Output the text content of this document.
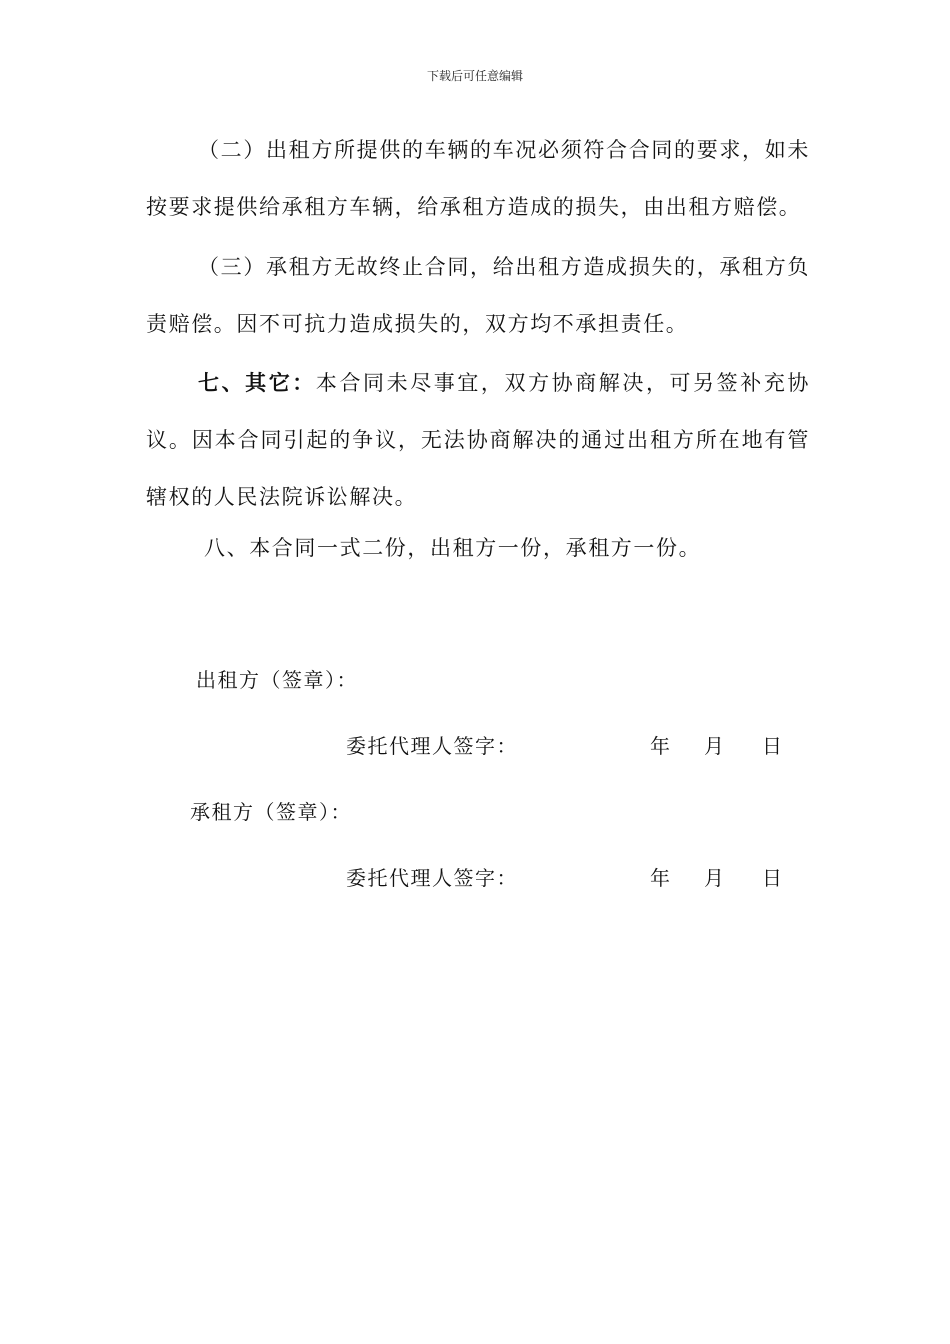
下载后可任意编辑

（二）出租方所提供的车辆的车况必须符合合同的要求，如未按要求提供给承租方车辆，给承租方造成的损失，由出租方赔偿。

（三）承租方无故终止合同，给出租方造成损失的，承租方负责赔偿。因不可抗力造成损失的，双方均不承担责任。

七、其它：本合同未尽事宜，双方协商解决，可另签补充协议。因本合同引起的争议，无法协商解决的通过出租方所在地有管辖权的人民法院诉讼解决。

八、本合同一式二份，出租方一份，承租方一份。

出租方（签章）：
委托代理人签字：	年 月 日
承租方（签章）：
委托代理人签字：	年 月 日
